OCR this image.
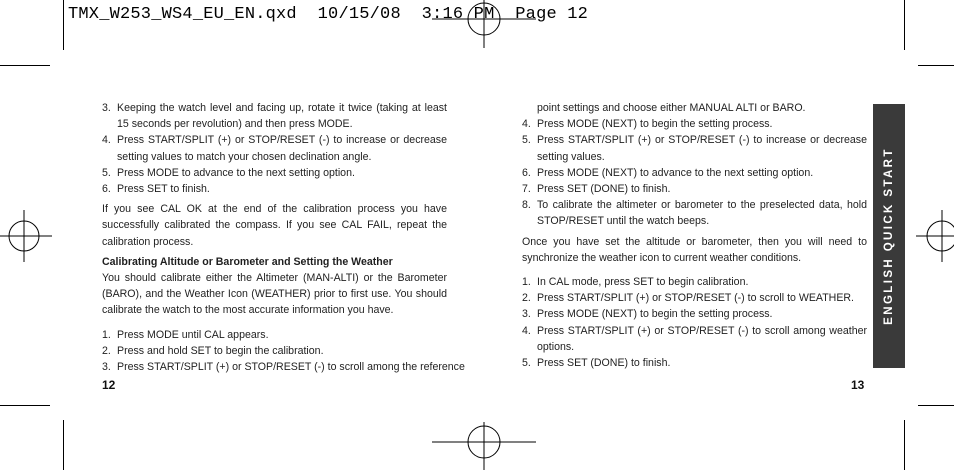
TMX_W253_WS4_EU_EN.qxd  10/15/08  3:16 PM  Page 12
3. Keeping the watch level and facing up, rotate it twice (taking at least 15 seconds per revolution) and then press MODE.
4. Press START/SPLIT (+) or STOP/RESET (-) to increase or decrease setting values to match your chosen declination angle.
5. Press MODE to advance to the next setting option.
6. Press SET to finish.

If you see CAL OK at the end of the calibration process you have successfully calibrated the compass. If you see CAL FAIL, repeat the calibration process.

Calibrating Altitude or Barometer and Setting the Weather

You should calibrate either the Altimeter (MAN-ALTI) or the Barometer (BARO), and the Weather Icon (WEATHER) prior to first use. You should calibrate the watch to the most accurate information you have.

1. Press MODE until CAL appears.
2. Press and hold SET to begin the calibration.
3. Press START/SPLIT (+) or STOP/RESET (-) to scroll among the reference

point settings and choose either MANUAL ALTI or BARO.

4. Press MODE (NEXT) to begin the setting process.
5. Press START/SPLIT (+) or STOP/RESET (-) to increase or decrease setting values.
6. Press MODE (NEXT) to advance to the next setting option.
7. Press SET (DONE) to finish.
8. To calibrate the altimeter or barometer to the preselected data, hold STOP/RESET until the watch beeps.

Once you have set the altitude or barometer, then you will need to synchronize the weather icon to current weather conditions.

1. In CAL mode, press SET to begin calibration.
2. Press START/SPLIT (+) or STOP/RESET (-) to scroll to WEATHER.
3. Press MODE (NEXT) to begin the setting process.
4. Press START/SPLIT (+) or STOP/RESET (-) to scroll among weather options.
5. Press SET (DONE) to finish.
12	13
ENGLISH QUICK START
